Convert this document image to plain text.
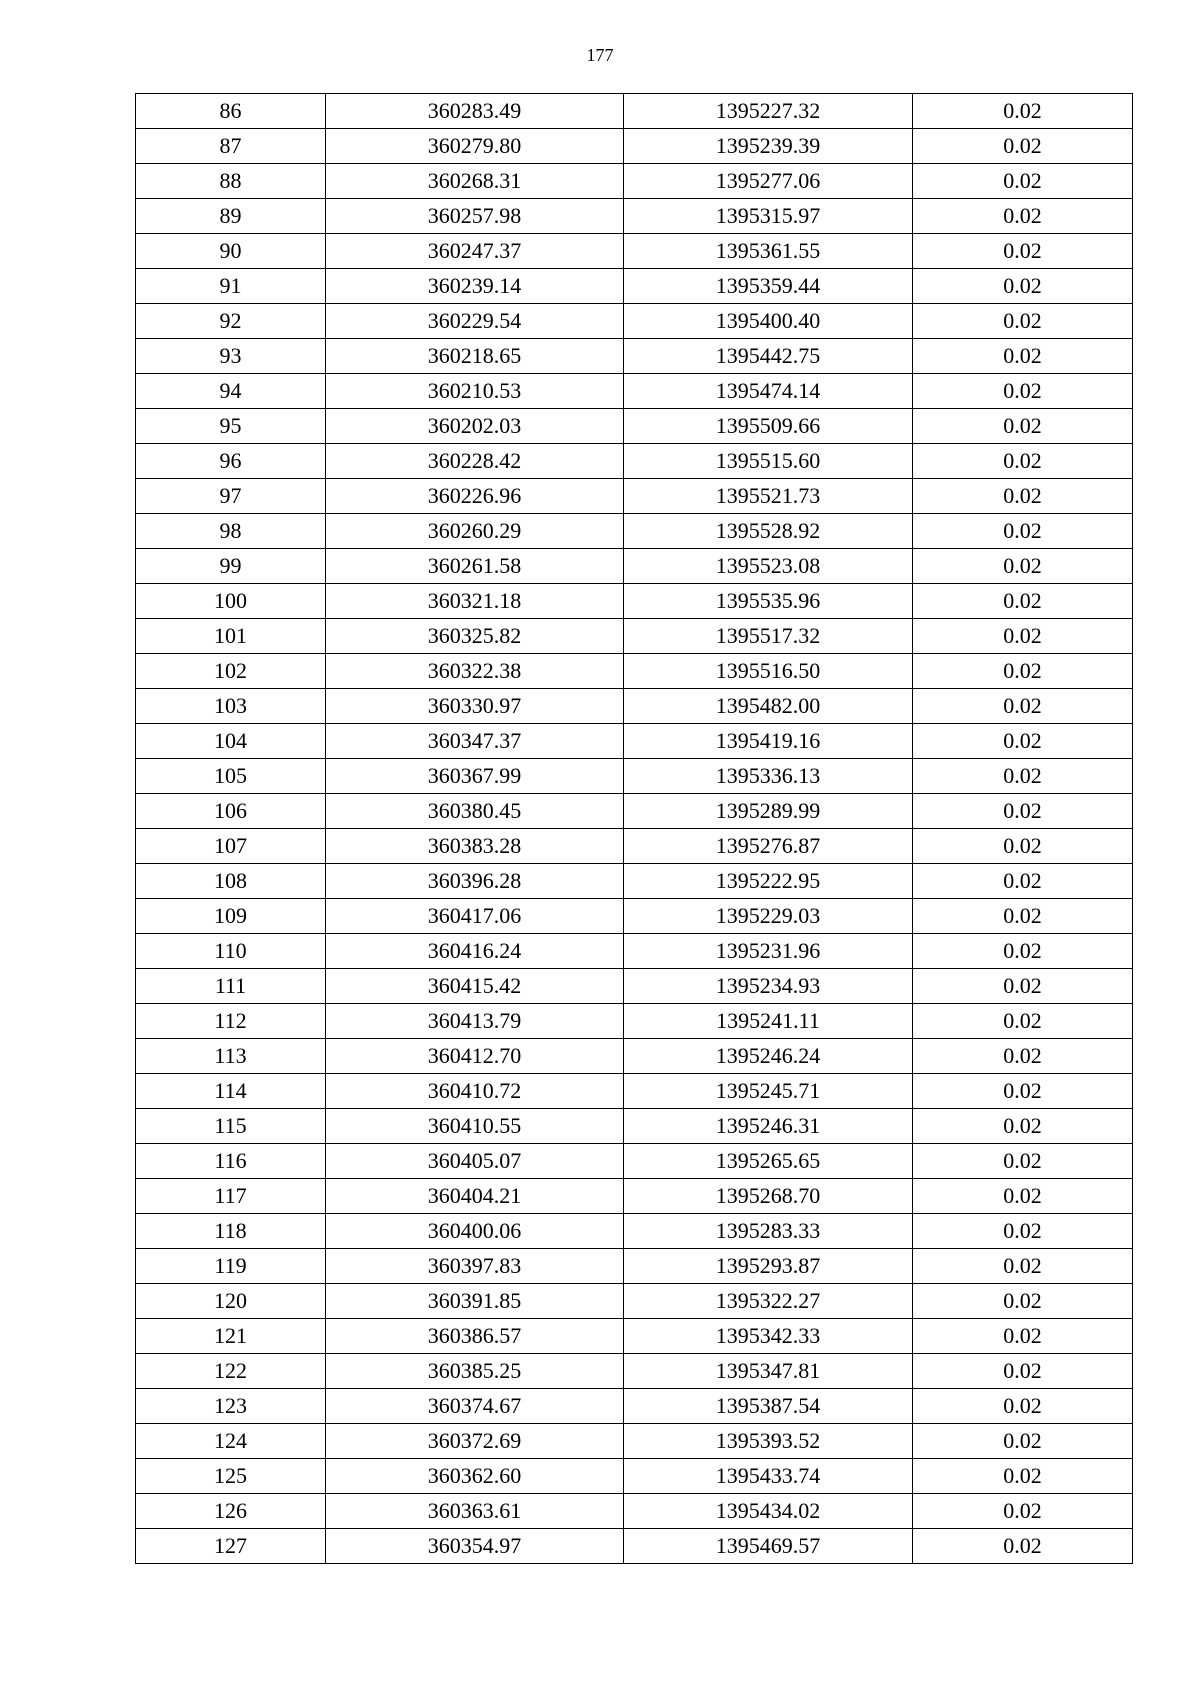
177
86	360283.49	1395227.32	0.02
87	360279.80	1395239.39	0.02
88	360268.31	1395277.06	0.02
89	360257.98	1395315.97	0.02
90	360247.37	1395361.55	0.02
91	360239.14	1395359.44	0.02
92	360229.54	1395400.40	0.02
93	360218.65	1395442.75	0.02
94	360210.53	1395474.14	0.02
95	360202.03	1395509.66	0.02
96	360228.42	1395515.60	0.02
97	360226.96	1395521.73	0.02
98	360260.29	1395528.92	0.02
99	360261.58	1395523.08	0.02
100	360321.18	1395535.96	0.02
101	360325.82	1395517.32	0.02
102	360322.38	1395516.50	0.02
103	360330.97	1395482.00	0.02
104	360347.37	1395419.16	0.02
105	360367.99	1395336.13	0.02
106	360380.45	1395289.99	0.02
107	360383.28	1395276.87	0.02
108	360396.28	1395222.95	0.02
109	360417.06	1395229.03	0.02
110	360416.24	1395231.96	0.02
111	360415.42	1395234.93	0.02
112	360413.79	1395241.11	0.02
113	360412.70	1395246.24	0.02
114	360410.72	1395245.71	0.02
115	360410.55	1395246.31	0.02
116	360405.07	1395265.65	0.02
117	360404.21	1395268.70	0.02
118	360400.06	1395283.33	0.02
119	360397.83	1395293.87	0.02
120	360391.85	1395322.27	0.02
121	360386.57	1395342.33	0.02
122	360385.25	1395347.81	0.02
123	360374.67	1395387.54	0.02
124	360372.69	1395393.52	0.02
125	360362.60	1395433.74	0.02
126	360363.61	1395434.02	0.02
127	360354.97	1395469.57	0.02
